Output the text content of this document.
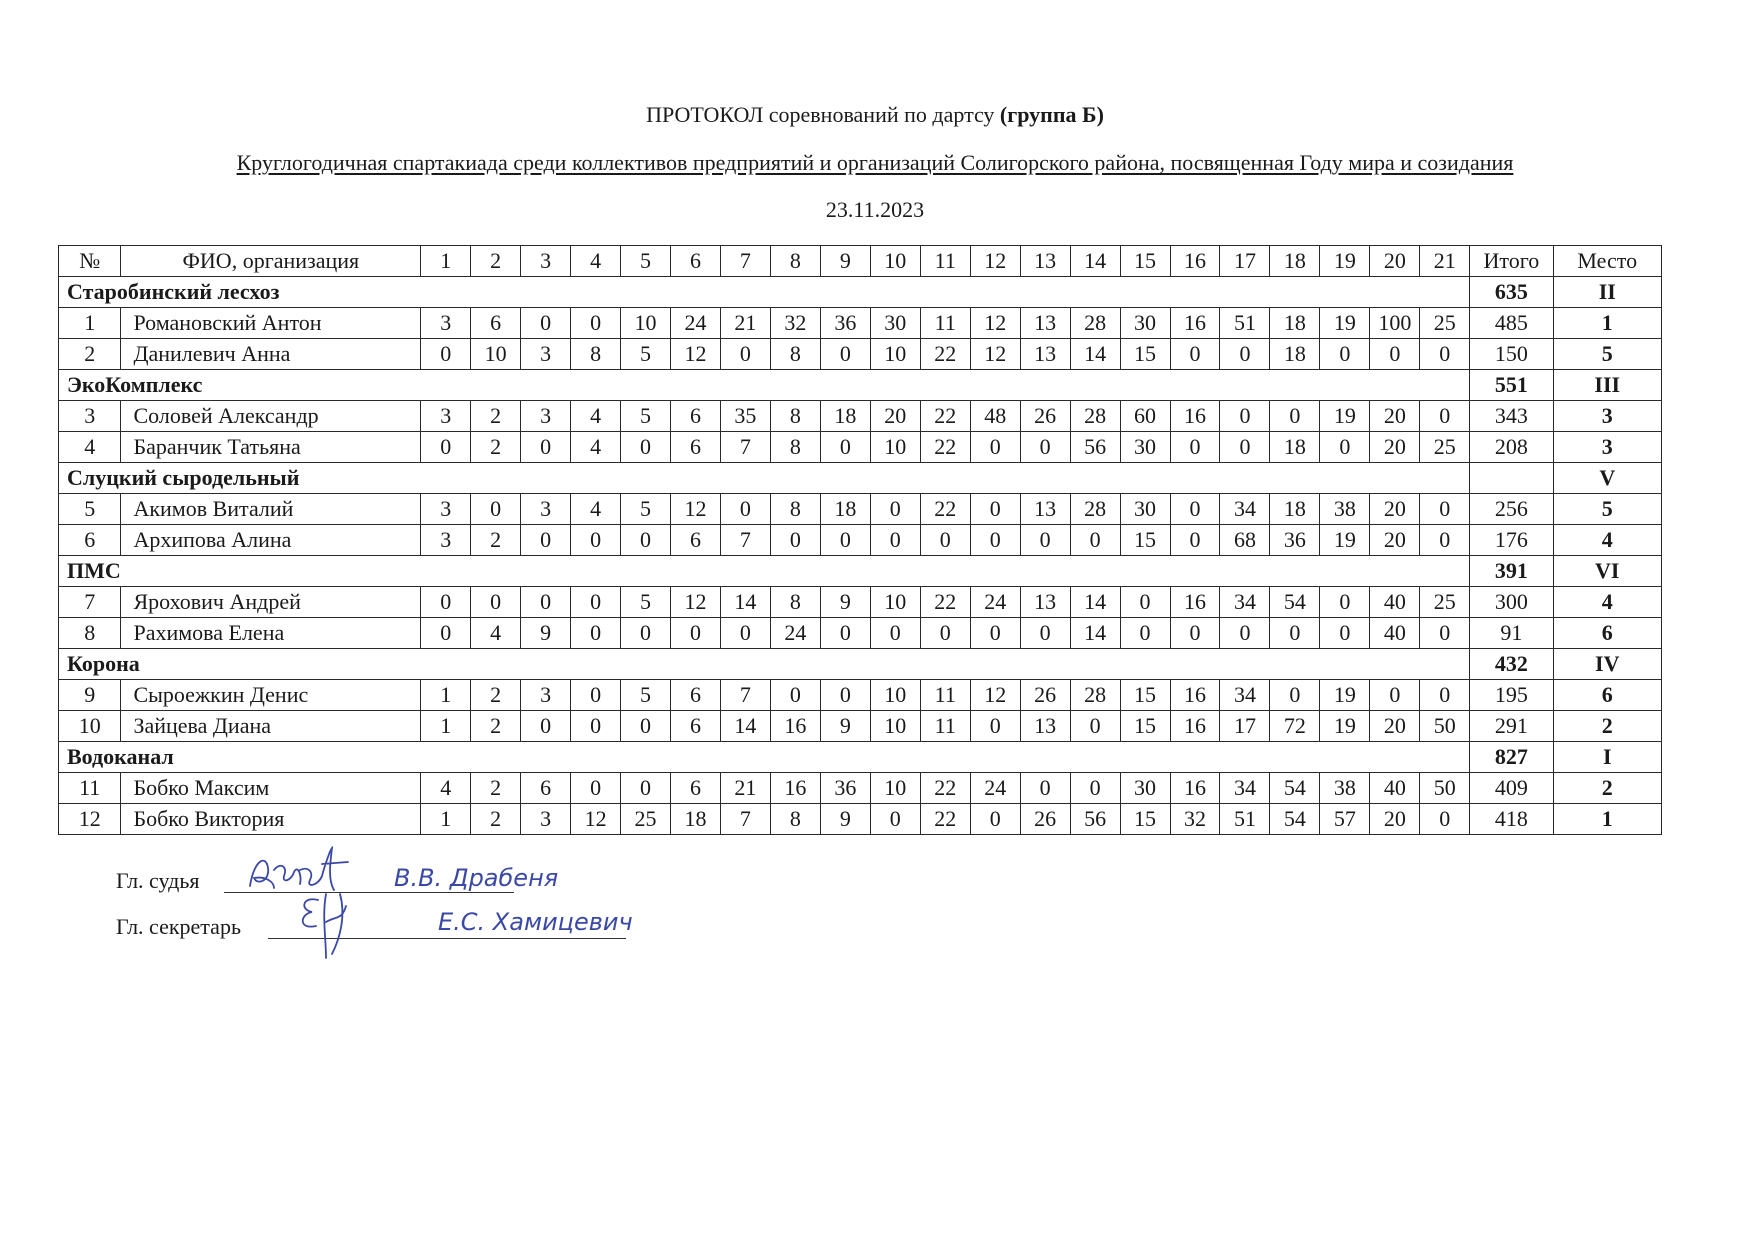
ПРОТОКОЛ соревнований по дартсу (группа Б)
Круглогодичная спартакиада среди коллективов предприятий и организаций Солигорского района, посвященная Году мира и созидания
23.11.2023
№	ФИО, организация	1	2	3	4	5	6	7	8	9	10	11	12	13	14	15	16	17	18	19	20	21	Итого	Место
Старобинский лесхоз																							635	II
1	Романовский Антон	3	6	0	0	10	24	21	32	36	30	11	12	13	28	30	16	51	18	19	100	25	485	1
2	Данилевич Анна	0	10	3	8	5	12	0	8	0	10	22	12	13	14	15	0	0	18	0	0	0	150	5
ЭкоКомплекс																							551	III
3	Соловей Александр	3	2	3	4	5	6	35	8	18	20	22	48	26	28	60	16	0	0	19	20	0	343	3
4	Баранчик Татьяна	0	2	0	4	0	6	7	8	0	10	22	0	0	56	30	0	0	18	0	20	25	208	3
Слуцкий сыродельный																								V
5	Акимов Виталий	3	0	3	4	5	12	0	8	18	0	22	0	13	28	30	0	34	18	38	20	0	256	5
6	Архипова Алина	3	2	0	0	0	6	7	0	0	0	0	0	0	0	15	0	68	36	19	20	0	176	4
ПМС																							391	VI
7	Ярохович Андрей	0	0	0	0	5	12	14	8	9	10	22	24	13	14	0	16	34	54	0	40	25	300	4
8	Рахимова Елена	0	4	9	0	0	0	0	24	0	0	0	0	0	14	0	0	0	0	0	40	0	91	6
Корона																							432	IV
9	Сыроежкин Денис	1	2	3	0	5	6	7	0	0	10	11	12	26	28	15	16	34	0	19	0	0	195	6
10	Зайцева Диана	1	2	0	0	0	6	14	16	9	10	11	0	13	0	15	16	17	72	19	20	50	291	2
Водоканал																							827	I
11	Бобко Максим	4	2	6	0	0	6	21	16	36	10	22	24	0	0	30	16	34	54	38	40	50	409	2
12	Бобко Виктория	1	2	3	12	25	18	7	8	9	0	22	0	26	56	15	32	51	54	57	20	0	418	1
Гл. судья	В.В. Драбеня
Гл. секретарь	Е.С. Хамицевич
